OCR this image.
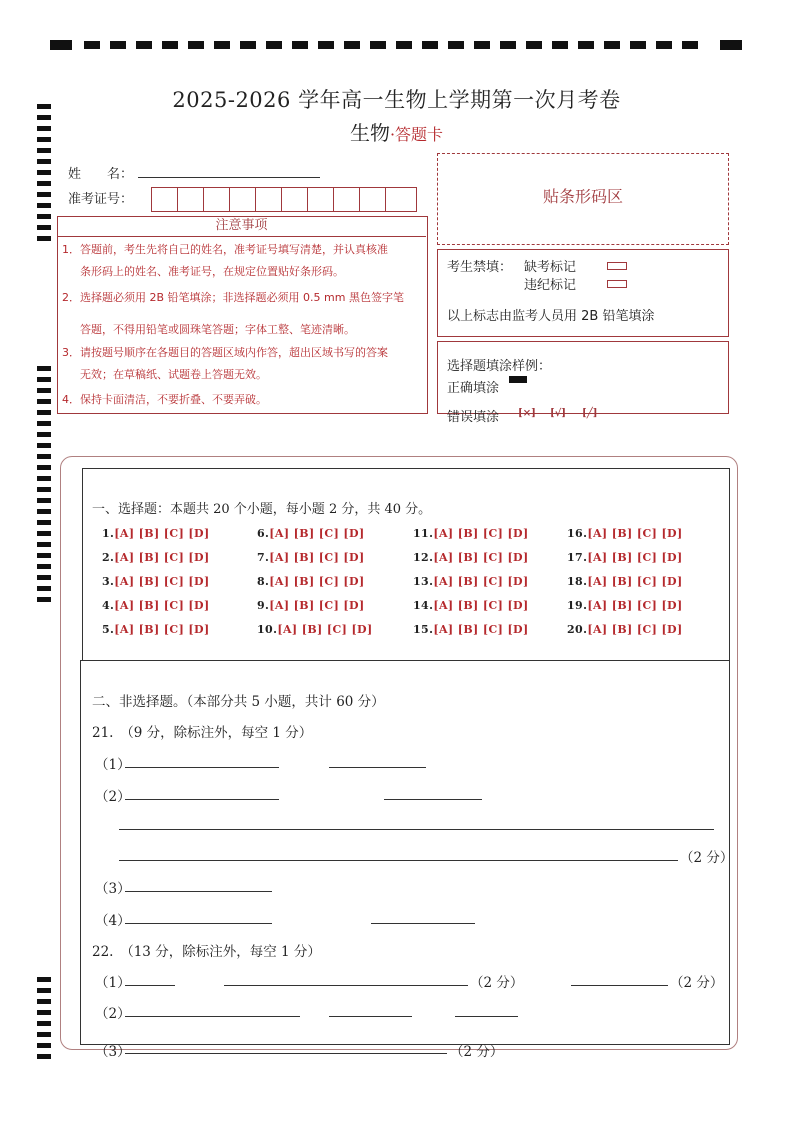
2025-2026 学年高一生物上学期第一次月考卷
生物·答题卡
姓　　名：
准考证号：	贴条形码区
注意事项
1．答题前，考生先将自己的姓名，准考证号填写清楚，并认真核准
条形码上的姓名、准考证号，在规定位置贴好条形码。
2．选择题必须用 2B 铅笔填涂；非选择题必须用 0.5 mm 黑色签字笔
答题，不得用铅笔或圆珠笔答题；字体工整、笔迹清晰。
3．请按题号顺序在各题目的答题区域内作答，超出区域书写的答案
无效；在草稿纸、试题卷上答题无效。
4．保持卡面清洁，不要折叠、不要弄破。
考生禁填： 缺考标记
违纪标记
以上标志由监考人员用 2B 铅笔填涂
选择题填涂样例：
正确填涂
错误填涂 [×] [√] [╱]
一、选择题：本题共 20 个小题，每小题 2 分，共 40 分。
1.[A] [B] [C] [D]
2.[A] [B] [C] [D]
3.[A] [B] [C] [D]
4.[A] [B] [C] [D]
5.[A] [B] [C] [D]
6.[A] [B] [C] [D]
7.[A] [B] [C] [D]
8.[A] [B] [C] [D]
9.[A] [B] [C] [D]
10.[A] [B] [C] [D]
11.[A] [B] [C] [D]
12.[A] [B] [C] [D]
13.[A] [B] [C] [D]
14.[A] [B] [C] [D]
15.[A] [B] [C] [D]
16.[A] [B] [C] [D]
17.[A] [B] [C] [D]
18.[A] [B] [C] [D]
19.[A] [B] [C] [D]
20.[A] [B] [C] [D]
二、非选择题。（本部分共 5 小题，共计 60 分）
21.　（9 分，除标注外，每空 1 分）
（1）
（2）
（2 分）
（3）
（4）
22.　（13 分，除标注外，每空 1 分）
（1）	（2 分）	（2 分）
（2）
（3）	（2 分）
